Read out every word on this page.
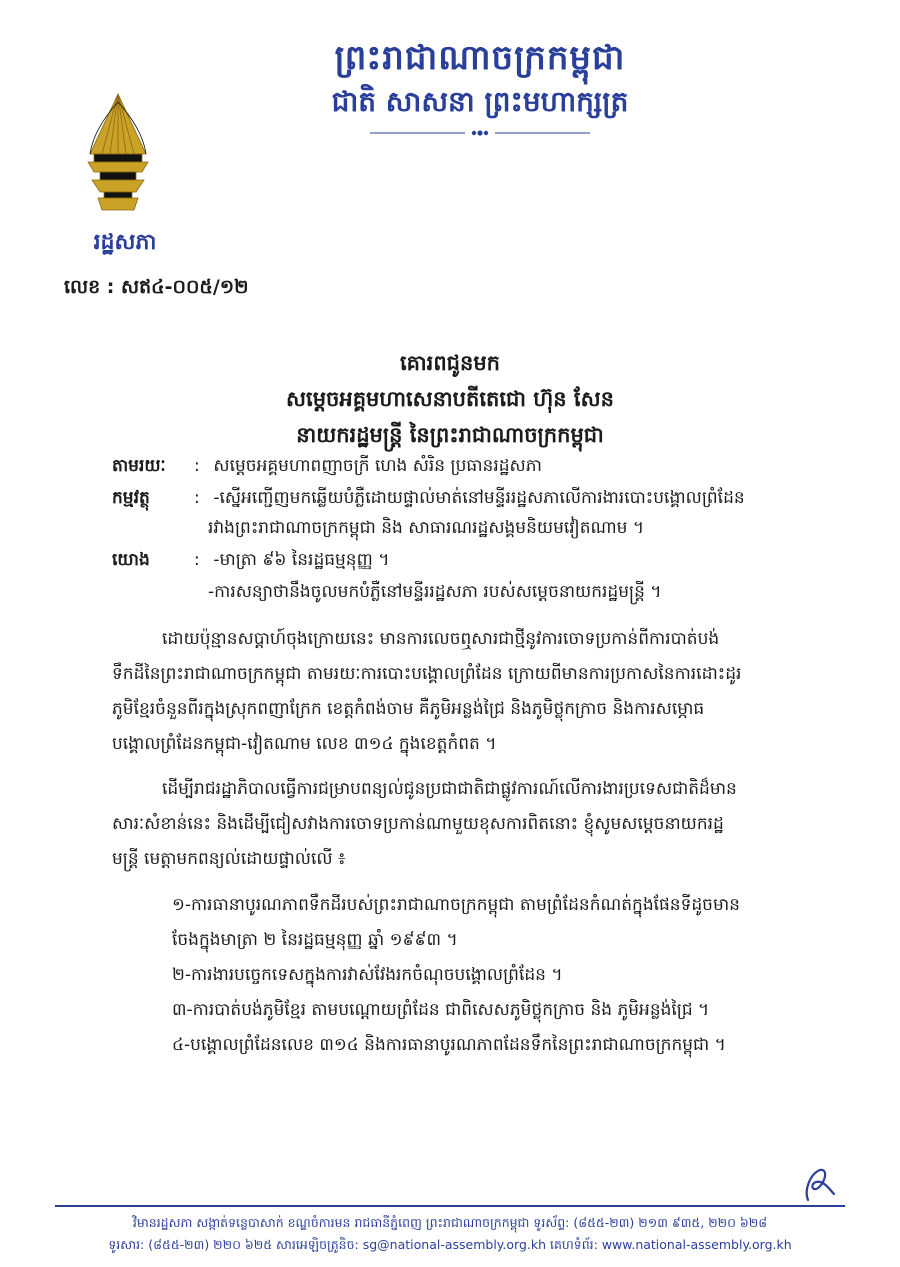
ព្រះរាជាណាចក្រកម្ពុជា
ជាតិ សាសនា ព្រះមហាក្សត្រ
រដ្ឋសភា
លេខ : សឥ៤-០០៥/១២
គោរពជូនមក
សម្តេចអគ្គមហាសេនាបតីតេជោ ហ៊ុន សែន
នាយករដ្ឋមន្រ្តី នៃព្រះរាជាណាចក្រកម្ពុជា
តាមរយៈ : សម្តេចអគ្គមហាពញាចក្រី ហេង សំរិន ប្រធានរដ្ឋសភា
កម្មវត្ថុ	: -ស្នើអញ្ជើញមកឆ្លើយបំភ្លឺដោយផ្ទាល់មាត់នៅមន្ទីររដ្ឋសភាលើការងារបោះបង្គោលព្រំដែន
រវាងព្រះរាជាណាចក្រកម្ពុជា និង សាធារណរដ្ឋសង្គមនិយមវៀតណាម ។
យោង	: -មាត្រា ៩៦ នៃរដ្ឋធម្មនុញ្ញ ។
-ការសន្យាថានឹងចូលមកបំភ្លឺនៅមន្ទីររដ្ឋសភា របស់សម្តេចនាយករដ្ឋមន្រ្តី ។
ដោយប៉ុន្មានសប្តាហ៍ចុងក្រោយនេះ មានការលេចឮសារជាថ្មីនូវការចោទប្រកាន់ពីការបាត់បង់
ទឹកដីនៃព្រះរាជាណាចក្រកម្ពុជា តាមរយៈការបោះបង្គោលព្រំដែន ក្រោយពីមានការប្រកាសនៃការដោះដូរ
ភូមិខ្មែរចំនួនពីរក្នុងស្រុកពញាក្រែក ខេត្តកំពង់ចាម គឺភូមិអន្លង់ជ្រៃ និងភូមិថ្លុកក្រាច និងការសម្ភោធ
បង្គោលព្រំដែនកម្ពុជា-វៀតណាម លេខ ៣១៤ ក្នុងខេត្តកំពត ។
ដើម្បីរាជរដ្ឋាភិបាលធ្វើការជម្រាបពន្យល់ជូនប្រជាជាតិជាផ្លូវការណ៍លើការងារប្រទេសជាតិដ៏មាន
សារៈសំខាន់នេះ និងដើម្បីជៀសវាងការចោទប្រកាន់ណាមួយខុសការពិតនោះ ខ្ញុំសូមសម្តេចនាយករដ្ឋ
មន្រ្តី មេត្តាមកពន្យល់ដោយផ្ទាល់លើ ៖
១-ការធានាបូរណភាពទឹកដីរបស់ព្រះរាជាណាចក្រកម្ពុជា តាមព្រំដែនកំណត់ក្នុងផែនទីដូចមាន
ចែងក្នុងមាត្រា ២ នៃរដ្ឋធម្មនុញ្ញ ឆ្នាំ ១៩៩៣ ។
២-ការងារបច្ចេកទេសក្នុងការវាស់វែងរកចំណុចបង្គោលព្រំដែន ។
៣-ការបាត់បង់ភូមិខ្មែរ តាមបណ្តោយព្រំដែន ជាពិសេសភូមិថ្លុកក្រាច និង ភូមិអន្លង់ជ្រៃ ។
៤-បង្គោលព្រំដែនលេខ ៣១៤ និងការធានាបូរណភាពដែនទឹកនៃព្រះរាជាណាចក្រកម្ពុជា ។
វិមានរដ្ឋសភា សង្កាត់ទន្លេបាសាក់ ខណ្ឌចំការមន រាជធានីភ្នំពេញ ព្រះរាជាណាចក្រកម្ពុជា ទូរស័ព្ទ: (៨៥៥-២៣) ២១៣ ៩៣៥, ២២០ ៦២៨
ទូរសារ: (៨៥៥-២៣) ២២០ ៦២៥ សារអេឡិចត្រូនិច: sg@national-assembly.org.kh គេហទំព័រ: www.national-assembly.org.kh
